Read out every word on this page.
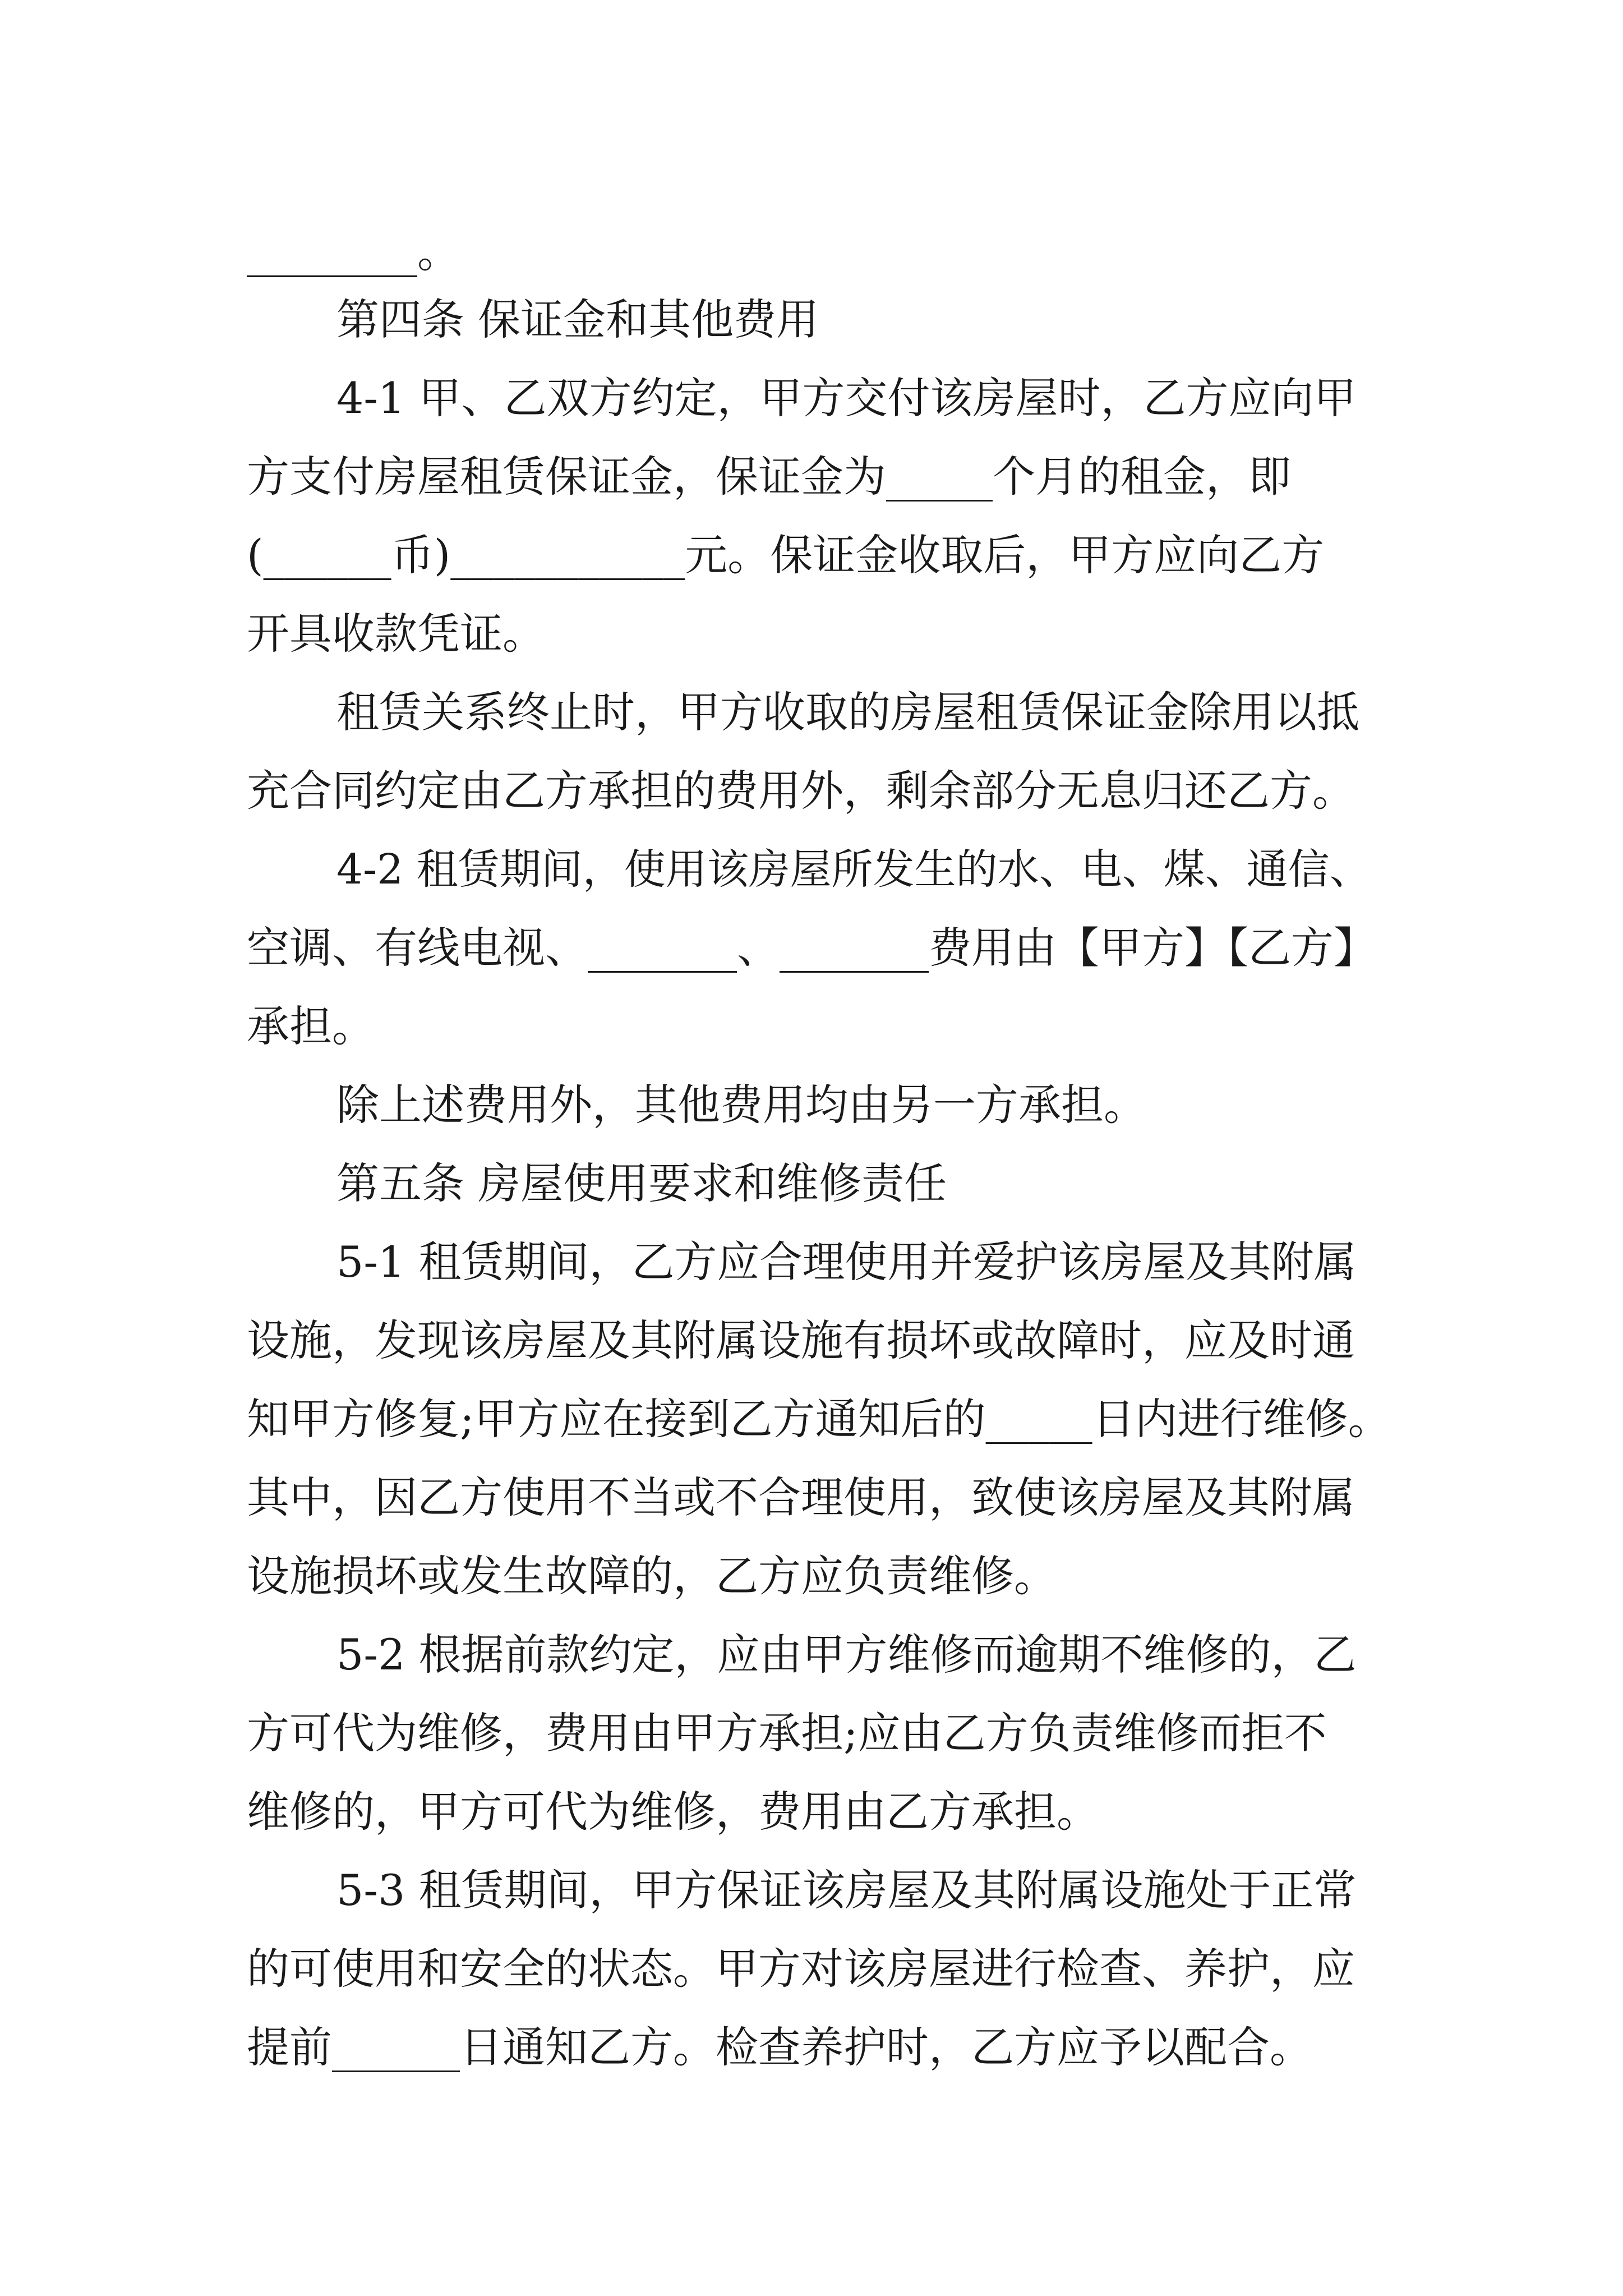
________。
第四条 保证金和其他费用
4-1 甲、乙双方约定，甲方交付该房屋时，乙方应向甲
方支付房屋租赁保证金，保证金为_____个月的租金，即
(______币)___________元。保证金收取后，甲方应向乙方
开具收款凭证。
租赁关系终止时，甲方收取的房屋租赁保证金除用以抵
充合同约定由乙方承担的费用外，剩余部分无息归还乙方。
4-2 租赁期间，使用该房屋所发生的水、电、煤、通信、
空调、有线电视、_______、_______费用由【甲方】【乙方】
承担。
除上述费用外，其他费用均由另一方承担。
第五条 房屋使用要求和维修责任
5-1 租赁期间，乙方应合理使用并爱护该房屋及其附属
设施，发现该房屋及其附属设施有损坏或故障时，应及时通
知甲方修复;甲方应在接到乙方通知后的_____日内进行维修。
其中，因乙方使用不当或不合理使用，致使该房屋及其附属
设施损坏或发生故障的，乙方应负责维修。
5-2 根据前款约定，应由甲方维修而逾期不维修的，乙
方可代为维修，费用由甲方承担;应由乙方负责维修而拒不
维修的，甲方可代为维修，费用由乙方承担。
5-3 租赁期间，甲方保证该房屋及其附属设施处于正常
的可使用和安全的状态。甲方对该房屋进行检查、养护，应
提前______日通知乙方。检查养护时，乙方应予以配合。
